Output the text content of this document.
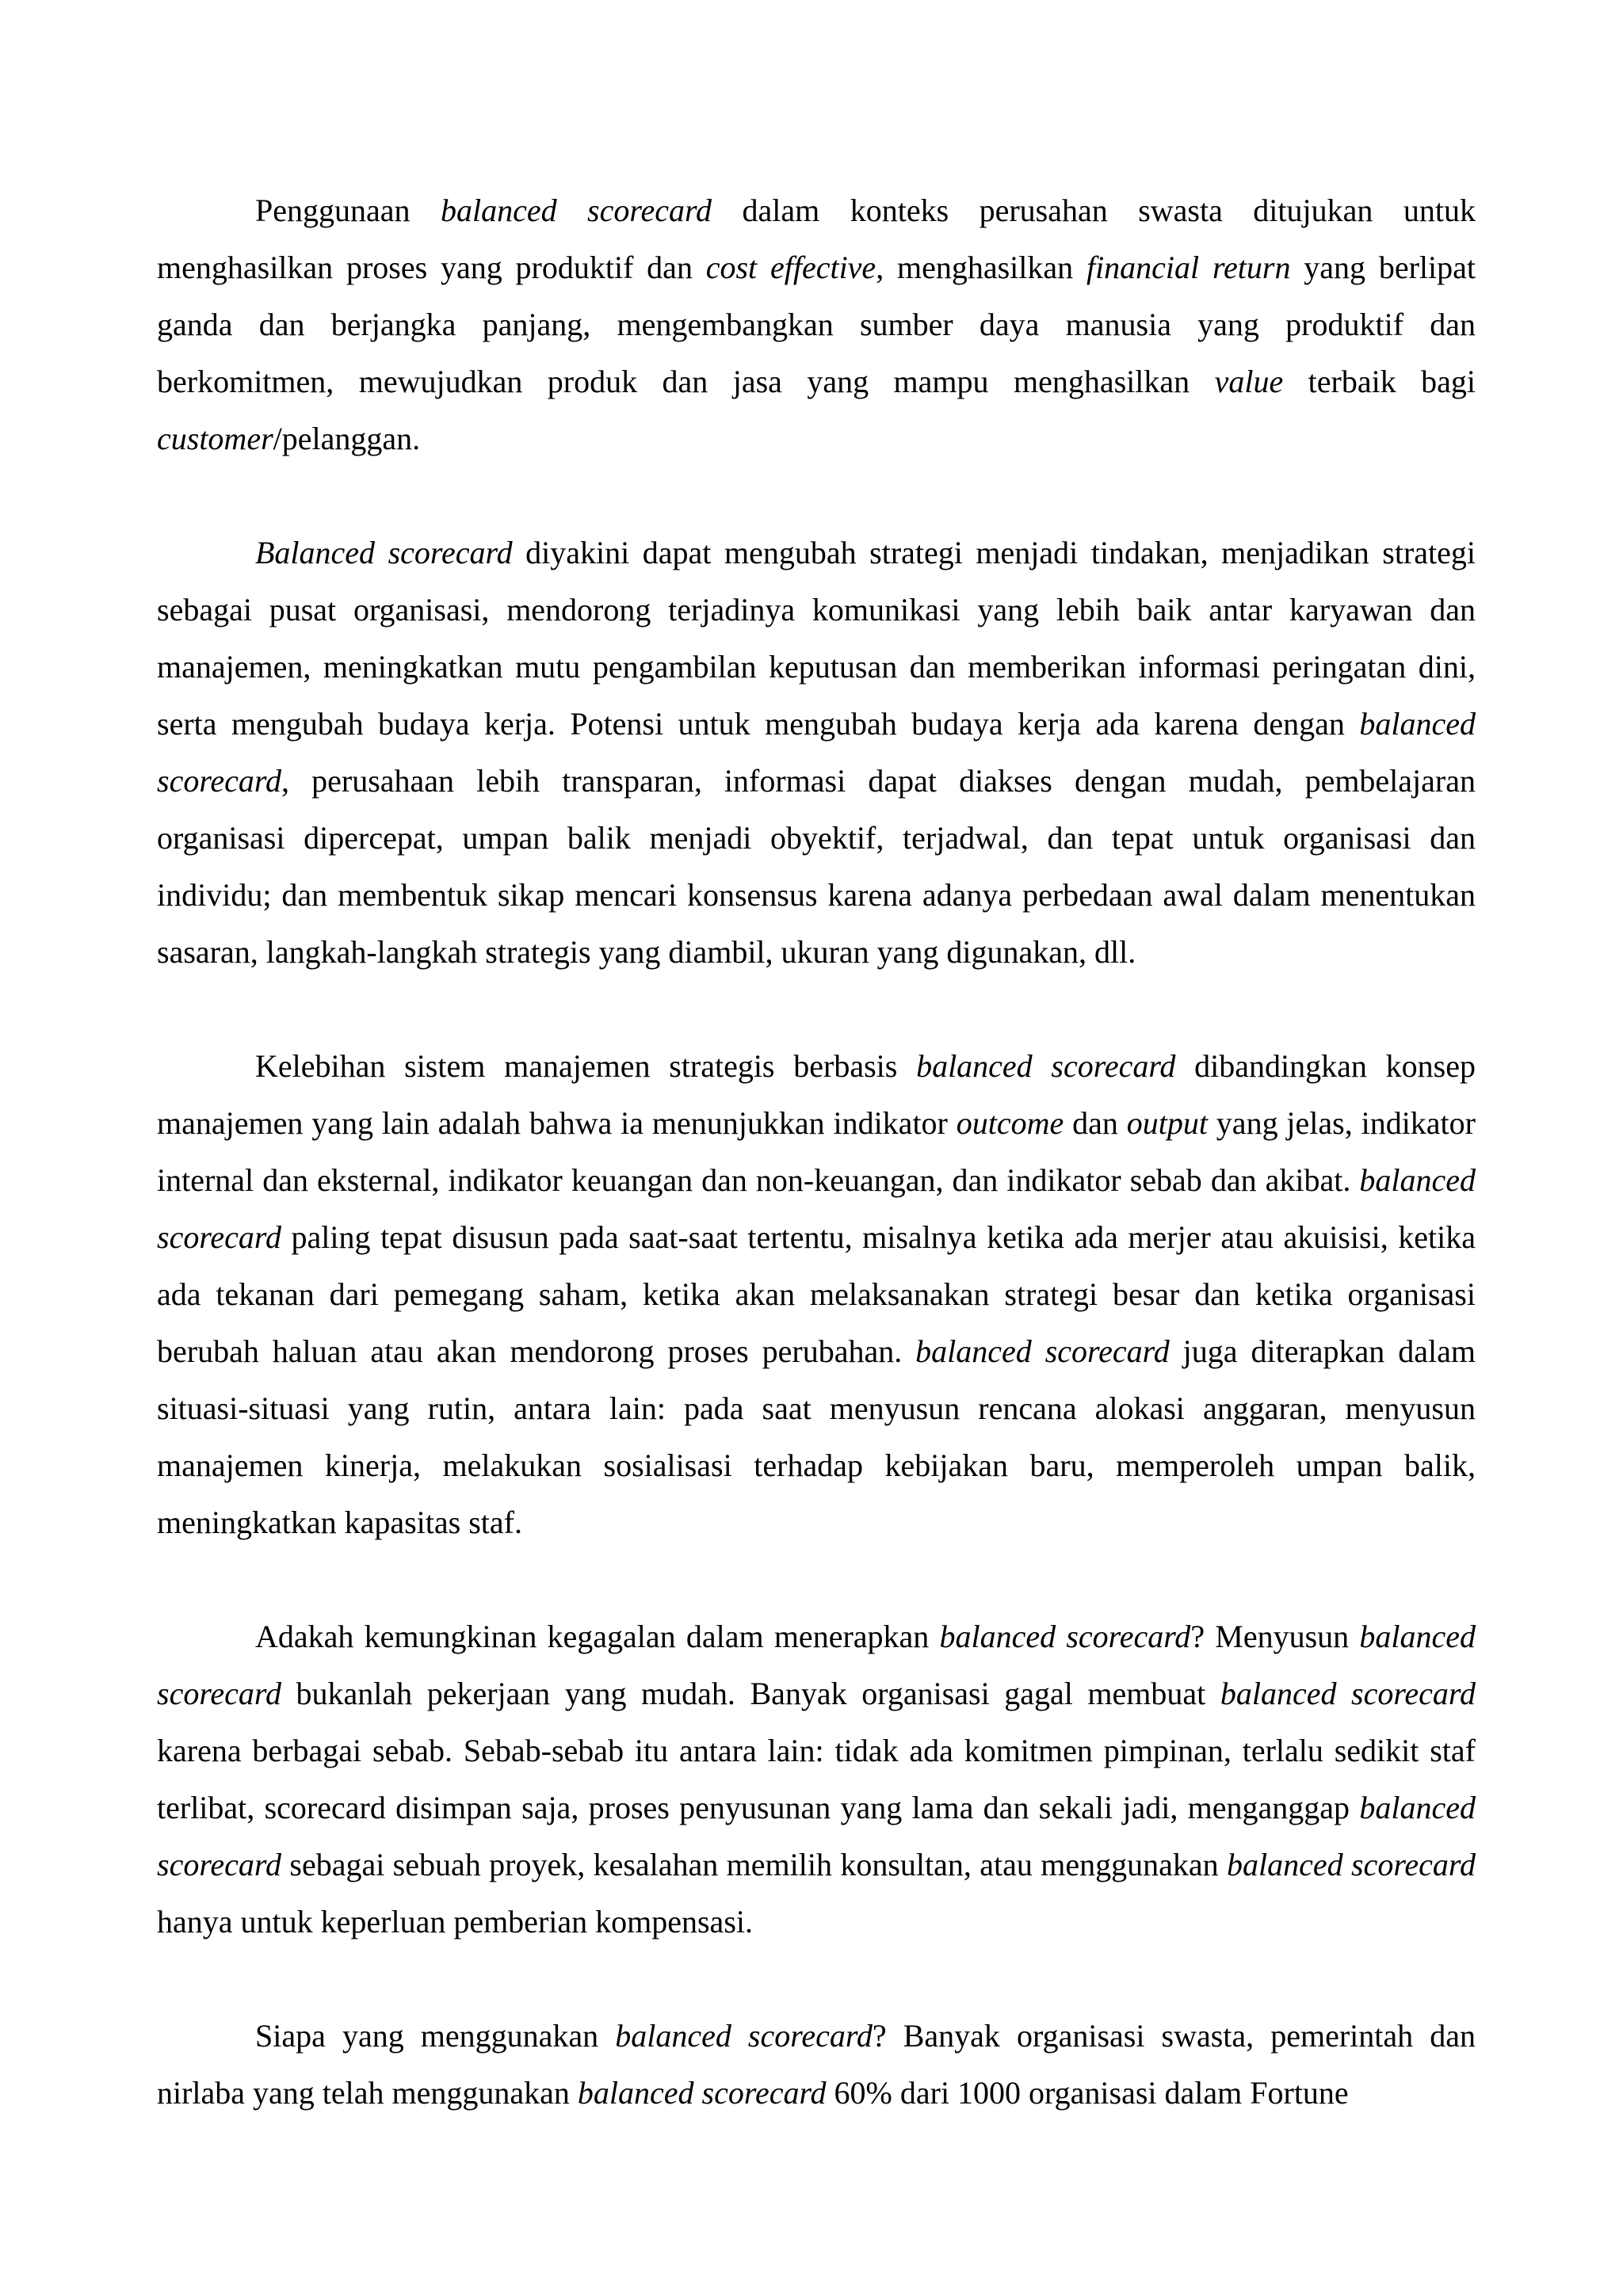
Penggunaan balanced scorecard dalam konteks perusahan swasta ditujukan untuk menghasilkan proses yang produktif dan cost effective, menghasilkan financial return yang berlipat ganda dan berjangka panjang, mengembangkan sumber daya manusia yang produktif dan berkomitmen, mewujudkan produk dan jasa yang mampu menghasilkan value terbaik bagi customer/pelanggan.

Balanced scorecard diyakini dapat mengubah strategi menjadi tindakan, menjadikan strategi sebagai pusat organisasi, mendorong terjadinya komunikasi yang lebih baik antar karyawan dan manajemen, meningkatkan mutu pengambilan keputusan dan memberikan informasi peringatan dini, serta mengubah budaya kerja. Potensi untuk mengubah budaya kerja ada karena dengan balanced scorecard, perusahaan lebih transparan, informasi dapat diakses dengan mudah, pembelajaran organisasi dipercepat, umpan balik menjadi obyektif, terjadwal, dan tepat untuk organisasi dan individu; dan membentuk sikap mencari konsensus karena adanya perbedaan awal dalam menentukan sasaran, langkah-langkah strategis yang diambil, ukuran yang digunakan, dll.

Kelebihan sistem manajemen strategis berbasis balanced scorecard dibandingkan konsep manajemen yang lain adalah bahwa ia menunjukkan indikator outcome dan output yang jelas, indikator internal dan eksternal, indikator keuangan dan non-keuangan, dan indikator sebab dan akibat. balanced scorecard paling tepat disusun pada saat-saat tertentu, misalnya ketika ada merjer atau akuisisi, ketika ada tekanan dari pemegang saham, ketika akan melaksanakan strategi besar dan ketika organisasi berubah haluan atau akan mendorong proses perubahan. balanced scorecard juga diterapkan dalam situasi-situasi yang rutin, antara lain: pada saat menyusun rencana alokasi anggaran, menyusun manajemen kinerja, melakukan sosialisasi terhadap kebijakan baru, memperoleh umpan balik, meningkatkan kapasitas staf.

Adakah kemungkinan kegagalan dalam menerapkan balanced scorecard? Menyusun balanced scorecard bukanlah pekerjaan yang mudah. Banyak organisasi gagal membuat balanced scorecard karena berbagai sebab. Sebab-sebab itu antara lain: tidak ada komitmen pimpinan, terlalu sedikit staf terlibat, scorecard disimpan saja, proses penyusunan yang lama dan sekali jadi, menganggap balanced scorecard sebagai sebuah proyek, kesalahan memilih konsultan, atau menggunakan balanced scorecard hanya untuk keperluan pemberian kompensasi.

Siapa yang menggunakan balanced scorecard? Banyak organisasi swasta, pemerintah dan nirlaba yang telah menggunakan balanced scorecard 60% dari 1000 organisasi dalam Fortune
